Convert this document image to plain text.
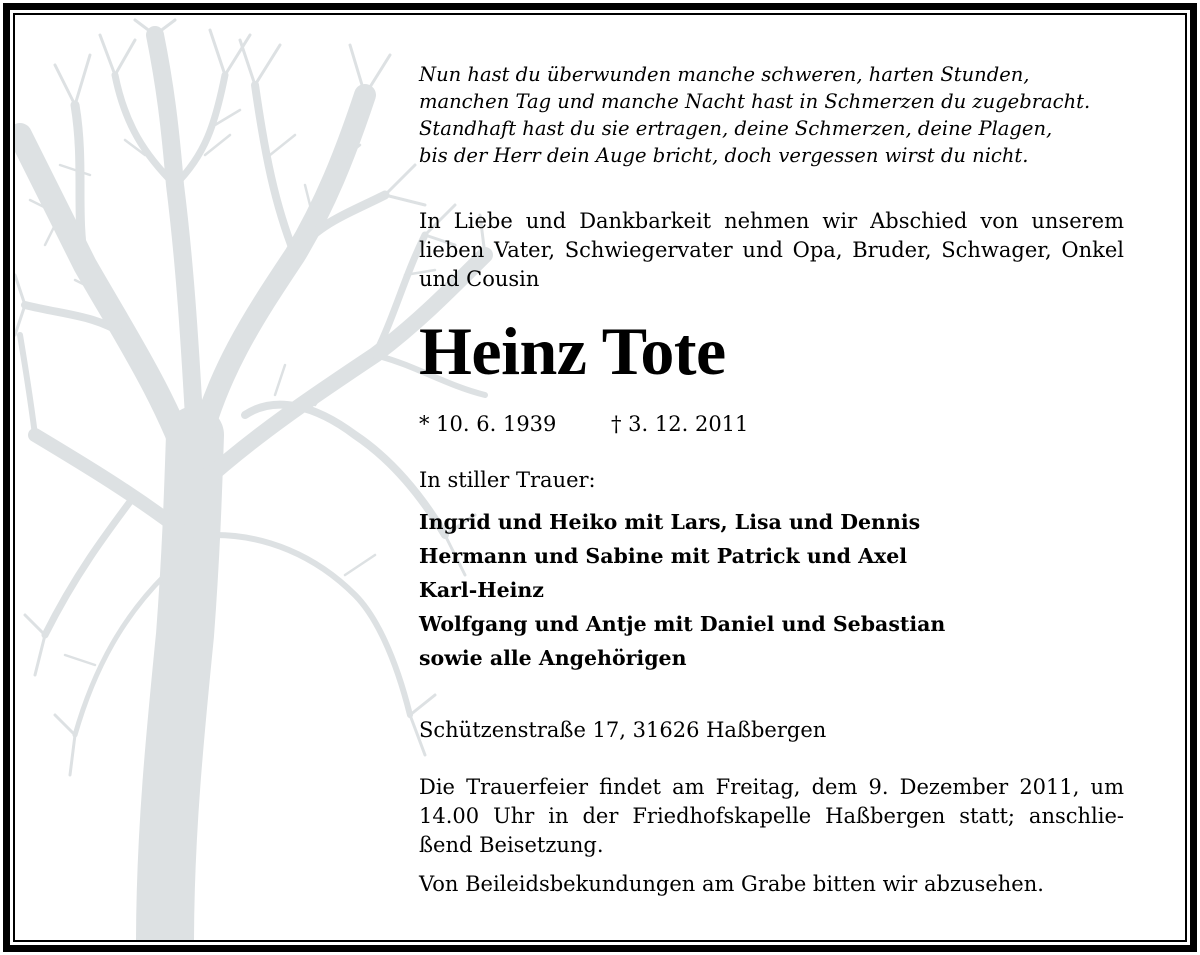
Nun hast du überwunden manche schweren, harten Stunden,
manchen Tag und manche Nacht hast in Schmerzen du zugebracht.
Standhaft hast du sie ertragen, deine Schmerzen, deine Plagen,
bis der Herr dein Auge bricht, doch vergessen wirst du nicht.
In Liebe und Dankbarkeit nehmen wir Abschied von unserem lieben Vater, Schwiegervater und Opa, Bruder, Schwager, Onkel und Cousin
Heinz Tote
* 10. 6. 1939	† 3. 12. 2011
In stiller Trauer:
Ingrid und Heiko mit Lars, Lisa und Dennis
Hermann und Sabine mit Patrick und Axel
Karl-Heinz
Wolfgang und Antje mit Daniel und Sebastian
sowie alle Angehörigen
Schützenstraße 17, 31626 Haßbergen
Die Trauerfeier findet am Freitag, dem 9. Dezember 2011, um
14.00 Uhr in der Friedhofskapelle Haßbergen statt; anschlie-
ßend Beisetzung.
Von Beileidsbekundungen am Grabe bitten wir abzusehen.
